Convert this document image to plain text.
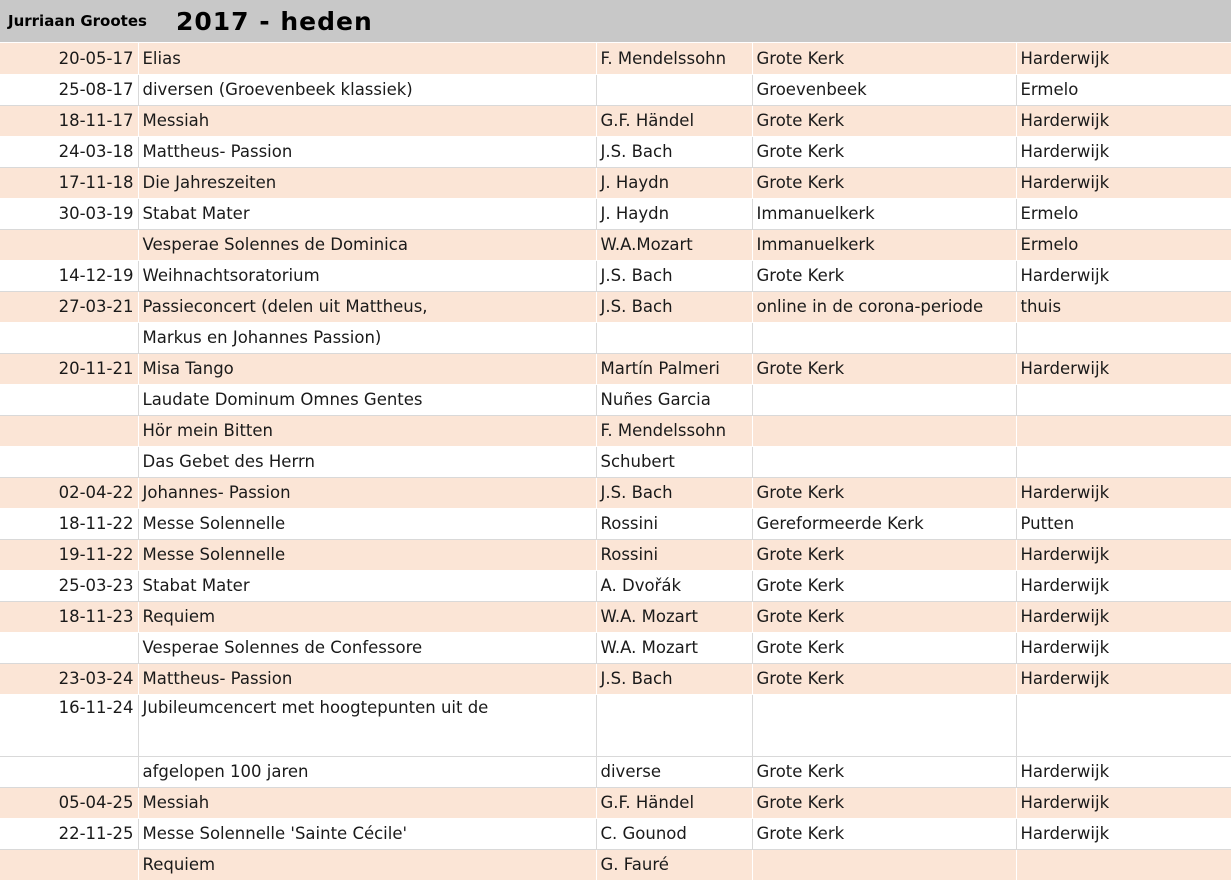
Jurriaan Grootes	2017 - heden
20-05-17	Elias	F. Mendelssohn	Grote Kerk	Harderwijk
25-08-17	diversen (Groevenbeek klassiek)		Groevenbeek	Ermelo
18-11-17	Messiah	G.F. Händel	Grote Kerk	Harderwijk
24-03-18	Mattheus- Passion	J.S. Bach	Grote Kerk	Harderwijk
17-11-18	Die Jahreszeiten	J. Haydn	Grote Kerk	Harderwijk
30-03-19	Stabat Mater	J. Haydn	Immanuelkerk	Ermelo
	Vesperae Solennes de Dominica	W.A.Mozart	Immanuelkerk	Ermelo
14-12-19	Weihnachtsoratorium	J.S. Bach	Grote Kerk	Harderwijk
27-03-21	Passieconcert (delen uit Mattheus,	J.S. Bach	online in de corona-periode	thuis
	Markus en Johannes Passion)			
20-11-21	Misa Tango	Martín Palmeri	Grote Kerk	Harderwijk
	Laudate Dominum Omnes Gentes	Nuñes Garcia		
	Hör mein Bitten	F. Mendelssohn		
	Das Gebet des Herrn	Schubert		
02-04-22	Johannes- Passion	J.S. Bach	Grote Kerk	Harderwijk
18-11-22	Messe Solennelle	Rossini	Gereformeerde Kerk	Putten
19-11-22	Messe Solennelle	Rossini	Grote Kerk	Harderwijk
25-03-23	Stabat Mater	A. Dvořák	Grote Kerk	Harderwijk
18-11-23	Requiem	W.A. Mozart	Grote Kerk	Harderwijk
	Vesperae Solennes de Confessore	W.A. Mozart	Grote Kerk	Harderwijk
23-03-24	Mattheus- Passion	J.S. Bach	Grote Kerk	Harderwijk
16-11-24	Jubileumcencert met hoogtepunten uit de			
	afgelopen 100 jaren	diverse	Grote Kerk	Harderwijk
05-04-25	Messiah	G.F. Händel	Grote Kerk	Harderwijk
22-11-25	Messe Solennelle 'Sainte Cécile'	C. Gounod	Grote Kerk	Harderwijk
	Requiem	G. Fauré		
